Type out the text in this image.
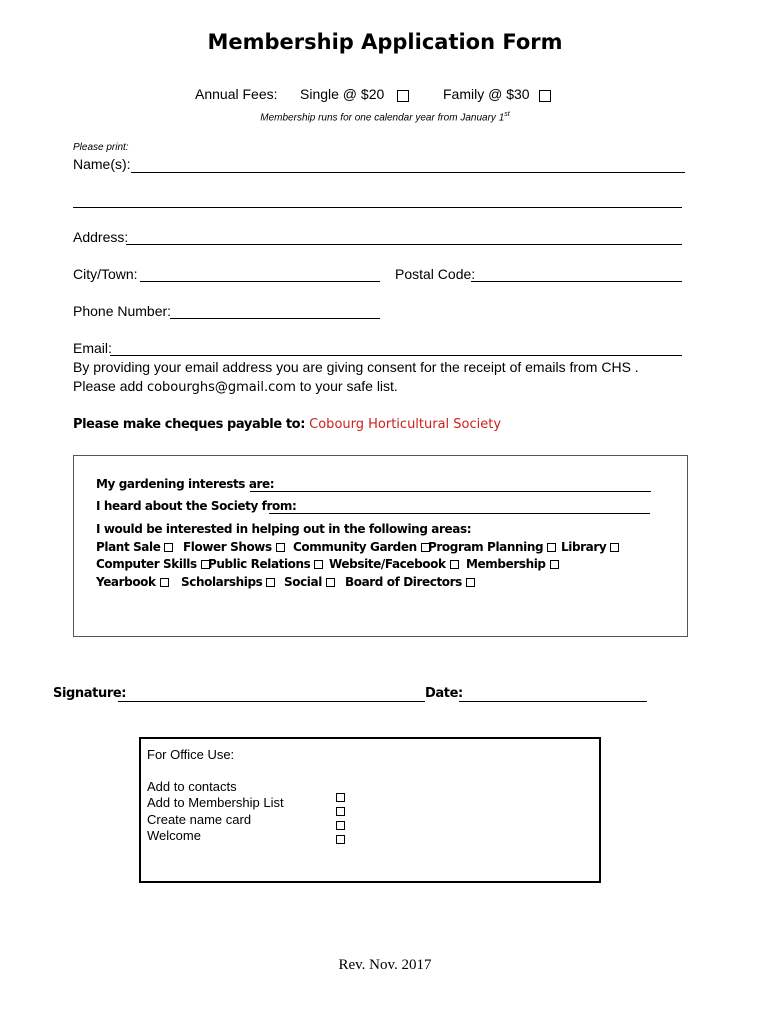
Membership Application Form
Annual Fees: Single @ $20	Family @ $30
Membership runs for one calendar year from January 1st
Please print:
Name(s):
Address:
City/Town:	Postal Code:
Phone Number:
Email:
By providing your email address you are giving consent for the receipt of emails from CHS .
Please add cobourghs@gmail.com to your safe list.
Please make cheques payable to: Cobourg Horticultural Society
My gardening interests are:
I heard about the Society from:
I would be interested in helping out in the following areas:
Plant Sale	Flower Shows	Community Garden Program Planning	Library
Computer Skills Public Relations	Website/Facebook	Membership
Yearbook	Scholarships	Social	Board of Directors
Signature:	Date:
For Office Use:
Add to contacts
Add to Membership List
Create name card
Welcome
Rev. Nov. 2017
